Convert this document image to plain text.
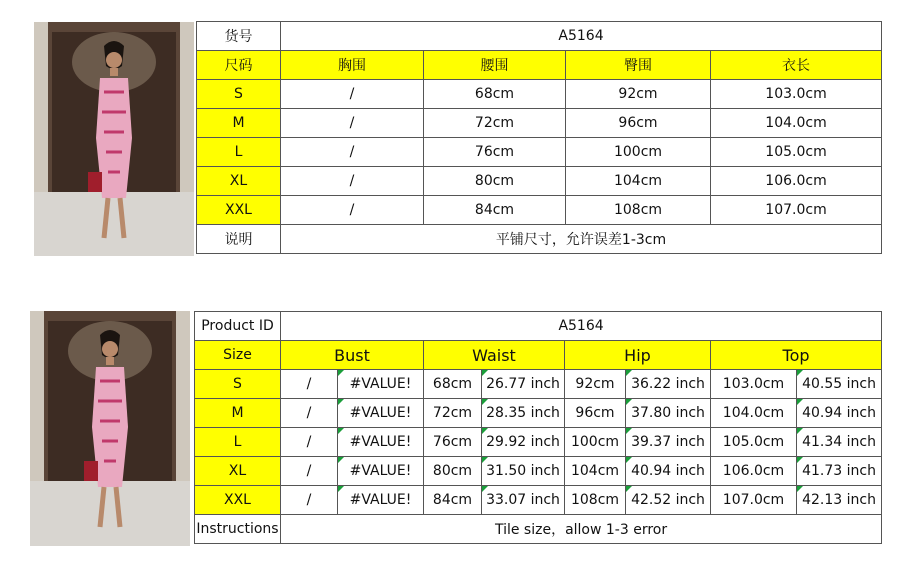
货号	A5164			
尺码	胸围	腰围	臀围	衣长
S	/	68cm	92cm	103.0cm
M	/	72cm	96cm	104.0cm
L	/	76cm	100cm	105.0cm
XL	/	80cm	104cm	106.0cm
XXL	/	84cm	108cm	107.0cm
说明	平铺尺寸，允许误差1-3cm			
Product ID	A5164							
Size	Bust		Waist		Hip		Top	
S	/	#VALUE!	68cm	26.77 inch	92cm	36.22 inch	103.0cm	40.55 inch
M	/	#VALUE!	72cm	28.35 inch	96cm	37.80 inch	104.0cm	40.94 inch
L	/	#VALUE!	76cm	29.92 inch	100cm	39.37 inch	105.0cm	41.34 inch
XL	/	#VALUE!	80cm	31.50 inch	104cm	40.94 inch	106.0cm	41.73 inch
XXL	/	#VALUE!	84cm	33.07 inch	108cm	42.52 inch	107.0cm	42.13 inch
Instructions	Tile size，allow 1-3 error							
